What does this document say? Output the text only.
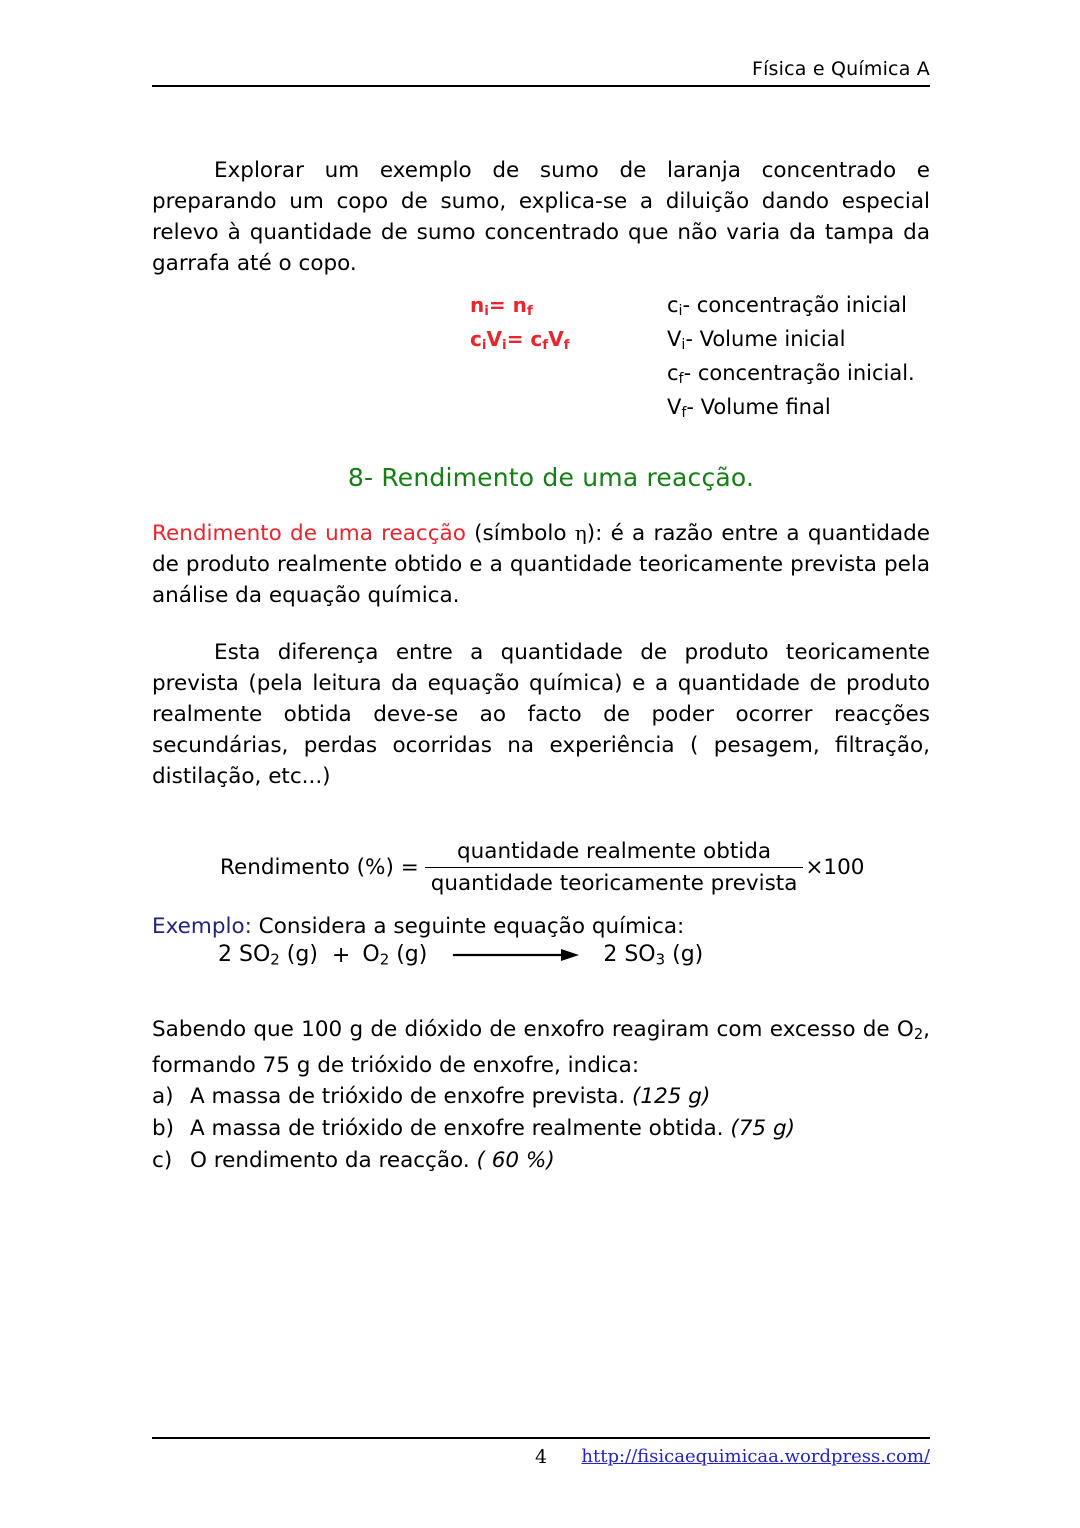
Física e Química A

Explorar um exemplo de sumo de laranja concentrado e preparando um copo de sumo, explica-se a diluição dando especial relevo à quantidade de sumo concentrado que não varia da tampa da garrafa até o copo.

$n_i= n_f$
$c_iV_i= c_fV_f$
$c_i-$ concentração inicial
$V_i-$ Volume inicial
$c_f-$ concentração inicial.
$V_f-$ Volume final
8- Rendimento de uma reacção.

Rendimento de uma reacção (símbolo η): é a razão entre a quantidade de produto realmente obtido e a quantidade teoricamente prevista pela análise da equação química.

Esta diferença entre a quantidade de produto teoricamente prevista (pela leitura da equação química) e a quantidade de produto realmente obtida deve-se ao facto de poder ocorrer reacções secundárias, perdas ocorridas na experiência ( pesagem, filtração, distilação, etc...)

Rendimento (%) = $\frac{\text{quantidade realmente obtida}}{\text{quantidade teoricamente prevista}} \times 100$

Exemplo: Considera a seguinte equação química:

2 $SO_2$ $(g) + O_2$ (g)	2 $SO_3$ (g)

Sabendo que 100 g de dióxido de enxofro reagiram com excesso de $O_2$, formando 75 g de trióxido de enxofre, indica:

a) A massa de trióxido de enxofre prevista. (125 g)
b) A massa de trióxido de enxofre realmente obtida. (75 g)
c) O rendimento da reacção. ( 60 %)
4	http://fisicaequimicaa.wordpress.com/
